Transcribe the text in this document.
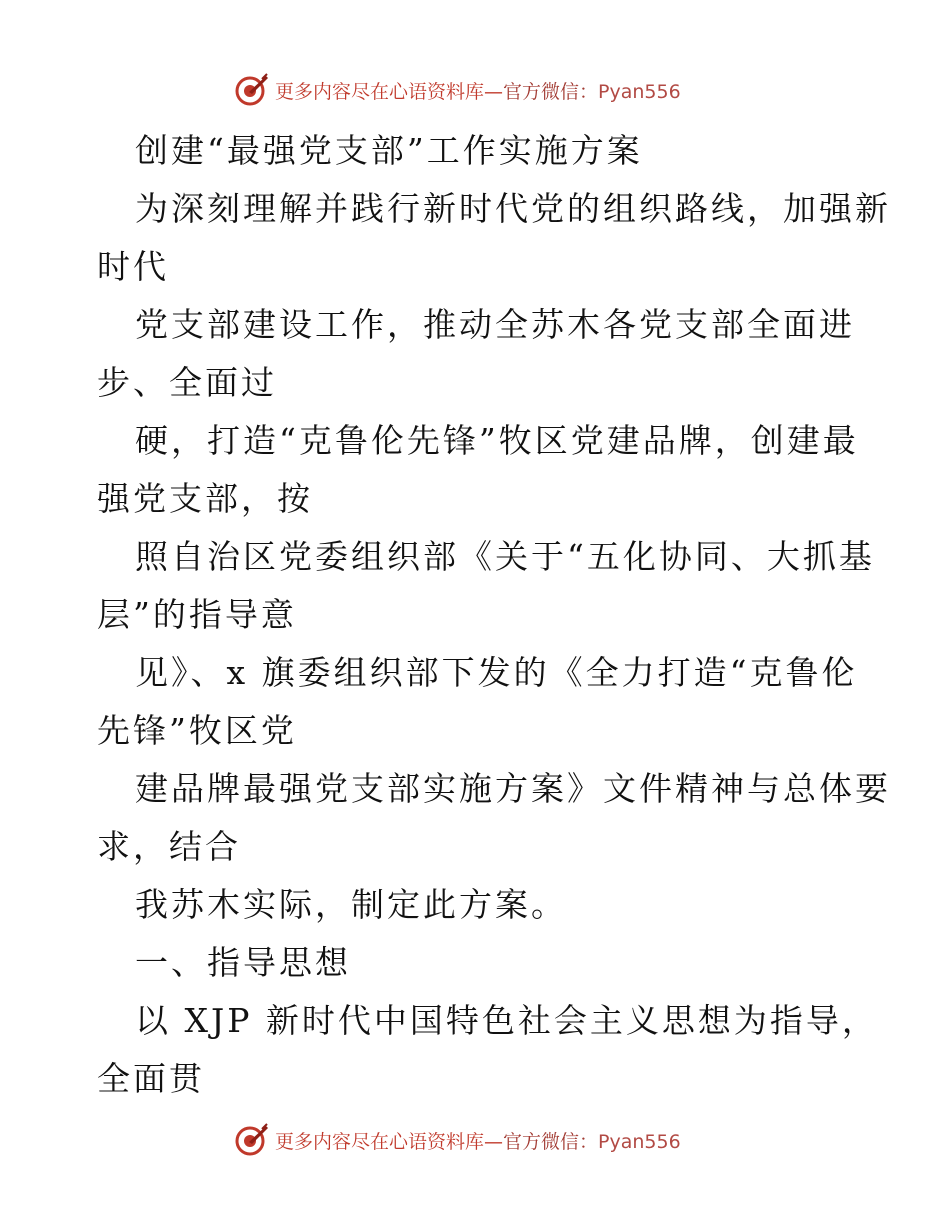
更多内容尽在心语资料库—官方微信：Pyan556
创建“最强党支部”工作实施方案
为深刻理解并践行新时代党的组织路线，加强新
时代
党支部建设工作，推动全苏木各党支部全面进
步、全面过
硬，打造“克鲁伦先锋”牧区党建品牌，创建最
强党支部，按
照自治区党委组织部《关于“五化协同、大抓基
层”的指导意
见》、x 旗委组织部下发的《全力打造“克鲁伦
先锋”牧区党
建品牌最强党支部实施方案》文件精神与总体要
求，结合
我苏木实际，制定此方案。
一、指导思想
以 XJP 新时代中国特色社会主义思想为指导，
全面贯
更多内容尽在心语资料库—官方微信：Pyan556
